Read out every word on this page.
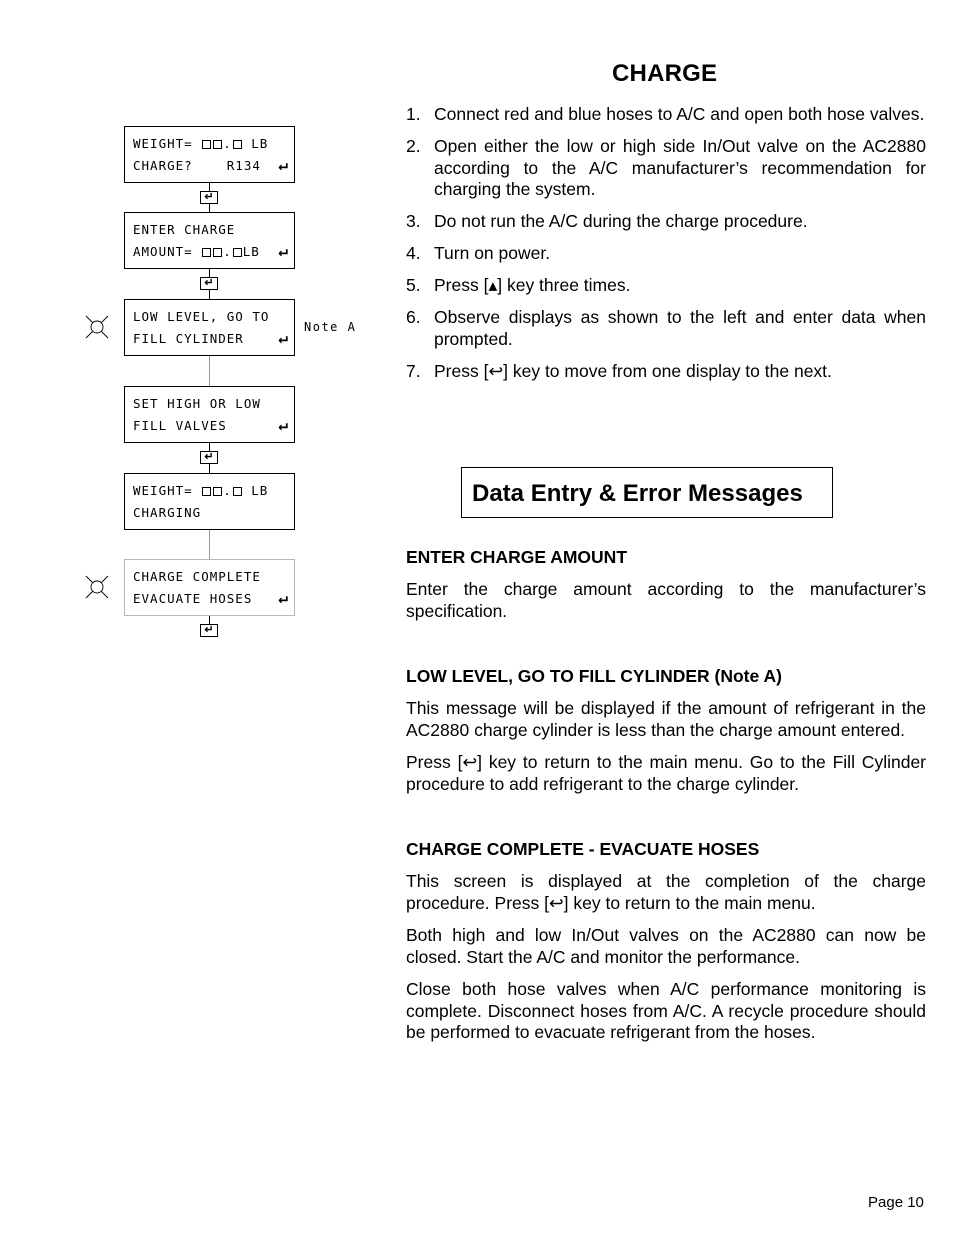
CHARGE
1. Connect red and blue hoses to A/C and open both hose valves.
2. Open either the low or high side In/Out valve on the AC2880 according to the A/C manufacturer’s recommendation for charging the system.
3. Do not run the A/C during the charge procedure.
4. Turn on power.
5. Press [▴] key three times.
6. Observe displays as shown to the left and enter data when prompted.
7. Press [↩] key to move from one display to the next.
Data Entry & Error Messages
ENTER CHARGE AMOUNT

Enter the charge amount according to the manufacturer’s specification.

LOW LEVEL, GO TO FILL CYLINDER (Note A)

This message will be displayed if the amount of refrigerant in the AC2880 charge cylinder is less than the charge amount entered.

Press [↩] key to return to the main menu. Go to the Fill Cylinder procedure to add refrigerant to the charge cylinder.

CHARGE COMPLETE - EVACUATE HOSES

This screen is displayed at the completion of the charge procedure. Press [↩] key to return to the main menu.

Both high and low In/Out valves on the AC2880 can now be closed. Start the A/C and monitor the performance.

Close both hose valves when A/C performance monitoring is complete. Disconnect hoses from A/C. A recycle procedure should be performed to evacuate refrigerant from the hoses.

Page 10
WEIGHT= . LB
CHARGE?    R134 ↵
↵
ENTER CHARGE
AMOUNT= . LB ↵
↵
LOW LEVEL, GO TO
FILL CYLINDER ↵
Note A
SET HIGH OR LOW
FILL VALVES	↵
↵
WEIGHT= . LB
CHARGING
CHARGE COMPLETE
EVACUATE HOSES ↵
↵
